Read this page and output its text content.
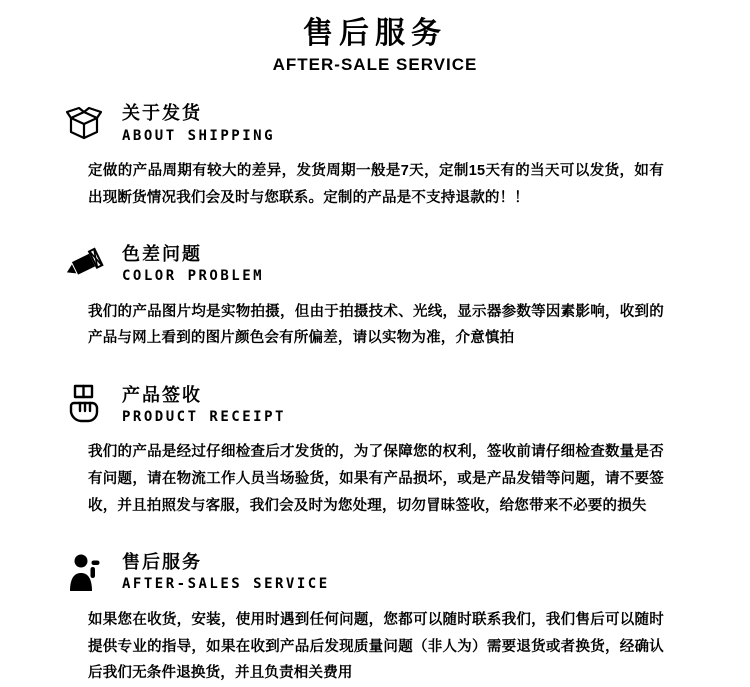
售后服务
AFTER-SALE SERVICE
关于发货
ABOUT SHIPPING

定做的产品周期有较大的差异，发货周期一般是7天，定制15天有的当天可以发货，如有出现断货情况我们会及时与您联系。定制的产品是不支持退款的！！

色差问题
COLOR PROBLEM

我们的产品图片均是实物拍摄，但由于拍摄技术、光线，显示器参数等因素影响，收到的产品与网上看到的图片颜色会有所偏差，请以实物为准，介意慎拍

产品签收
PRODUCT RECEIPT

我们的产品是经过仔细检查后才发货的，为了保障您的权利，签收前请仔细检查数量是否有问题，请在物流工作人员当场验货，如果有产品损坏，或是产品发错等问题，请不要签收，并且拍照发与客服，我们会及时为您处理，切勿冒昧签收，给您带来不必要的损失

售后服务
AFTER-SALES SERVICE

如果您在收货，安装，使用时遇到任何问题，您都可以随时联系我们，我们售后可以随时提供专业的指导，如果在收到产品后发现质量问题（非人为）需要退货或者换货，经确认后我们无条件退换货，并且负责相关费用
